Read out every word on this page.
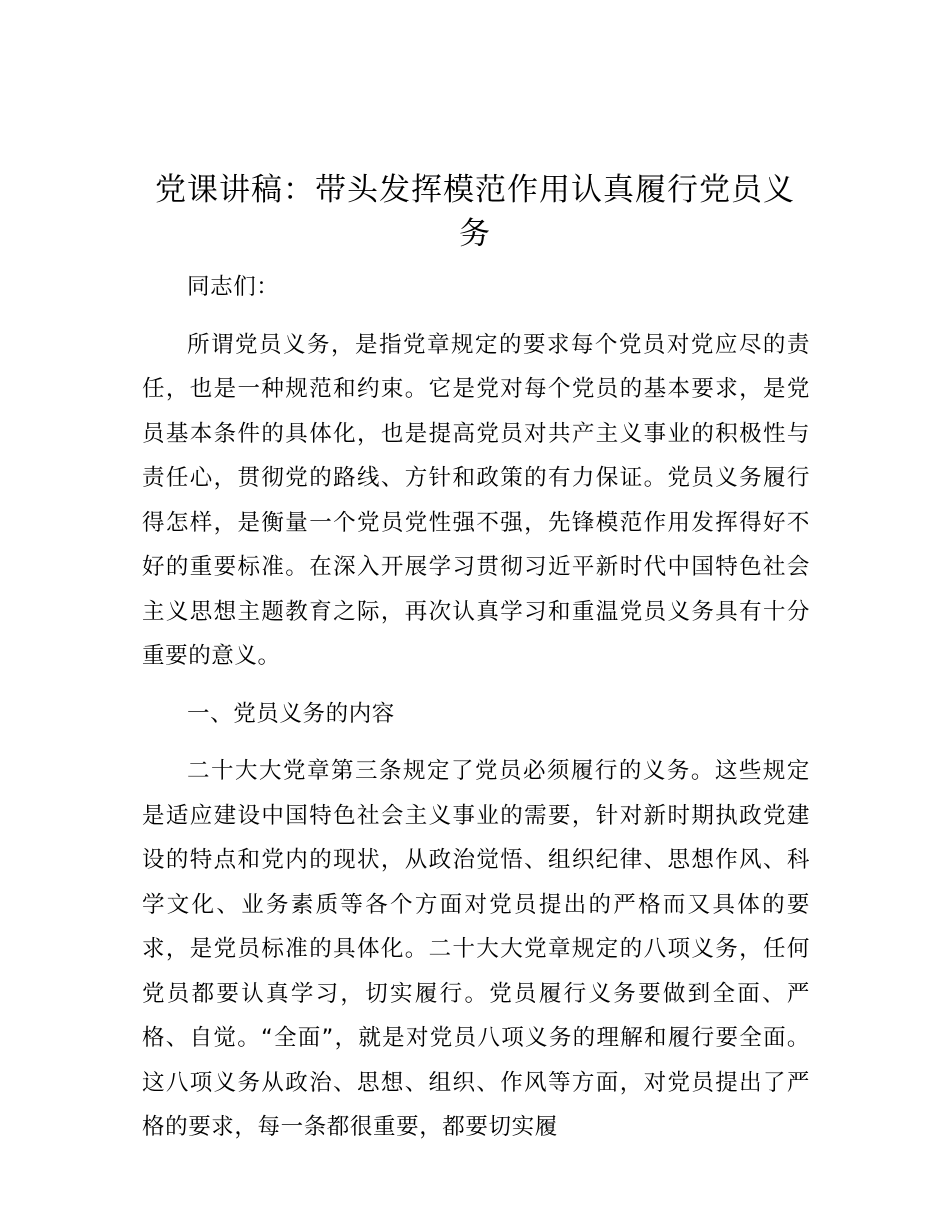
党课讲稿：带头发挥模范作用认真履行党员义务

同志们：

所谓党员义务，是指党章规定的要求每个党员对党应尽的责任，也是一种规范和约束。它是党对每个党员的基本要求，是党员基本条件的具体化，也是提高党员对共产主义事业的积极性与责任心，贯彻党的路线、方针和政策的有力保证。党员义务履行得怎样，是衡量一个党员党性强不强，先锋模范作用发挥得好不好的重要标准。在深入开展学习贯彻习近平新时代中国特色社会主义思想主题教育之际，再次认真学习和重温党员义务具有十分重要的意义。

一、党员义务的内容

二十大大党章第三条规定了党员必须履行的义务。这些规定是适应建设中国特色社会主义事业的需要，针对新时期执政党建设的特点和党内的现状，从政治觉悟、组织纪律、思想作风、科学文化、业务素质等各个方面对党员提出的严格而又具体的要求，是党员标准的具体化。二十大大党章规定的八项义务，任何党员都要认真学习，切实履行。党员履行义务要做到全面、严格、自觉。“全面”，就是对党员八项义务的理解和履行要全面。这八项义务从政治、思想、组织、作风等方面，对党员提出了严格的要求，每一条都很重要，都要切实履
